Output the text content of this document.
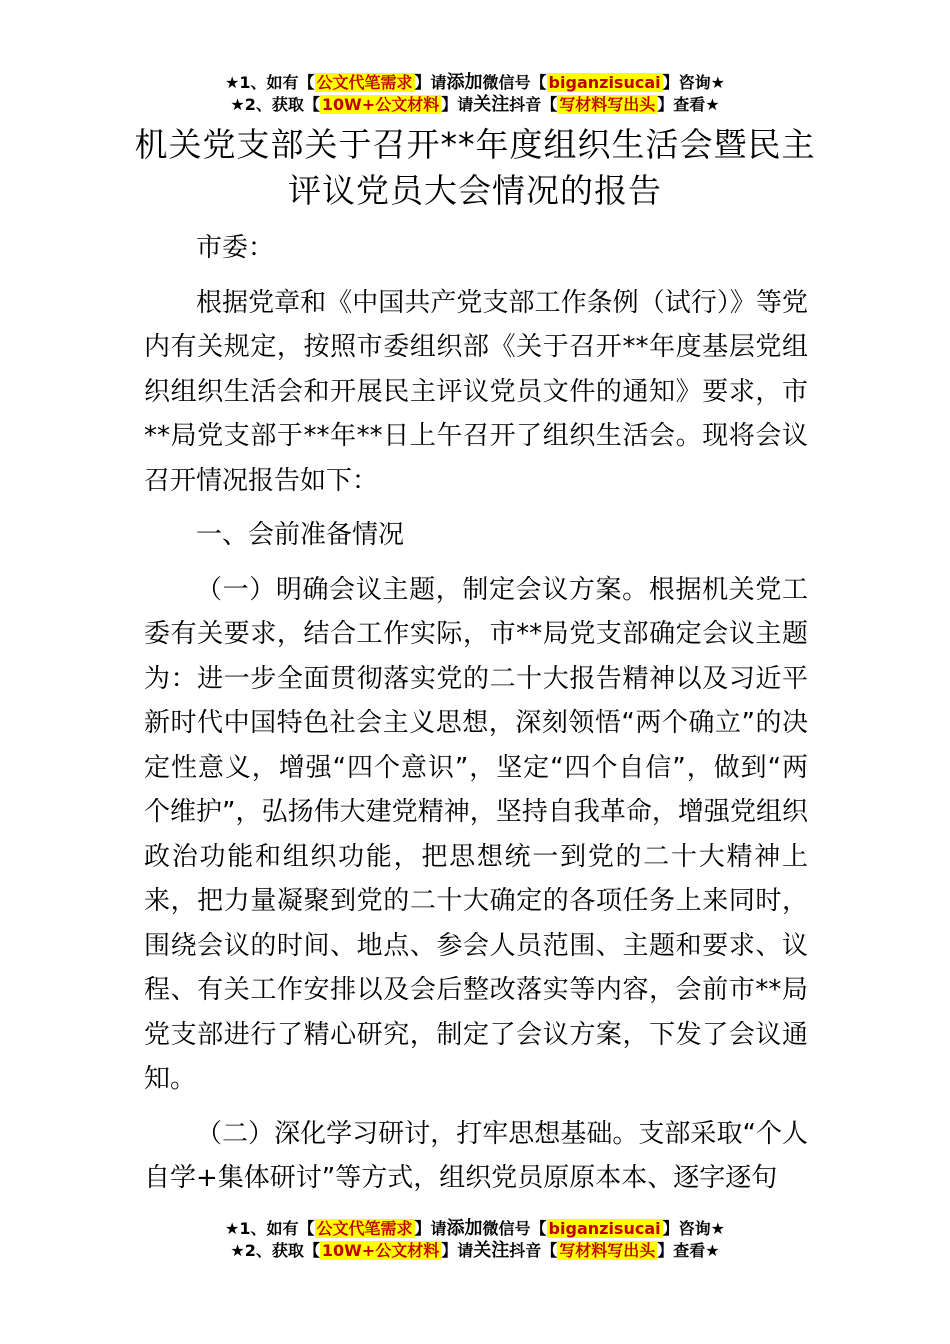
★1、如有【 公文代笔需求 】请添加微信号【 biganzisucai 】咨询★
★2、获取【 10W+公文材料 】请关注抖音【 写材料写出头 】查看★
机关党支部关于召开**年度组织生活会暨民主评议党员大会情况的报告

市委：

根据党章和《中国共产党支部工作条例（试行）》等党内有关规定，按照市委组织部《关于召开**年度基层党组织组织生活会和开展民主评议党员文件的通知》要求，市**局党支部于**年**日上午召开了组织生活会。现将会议召开情况报告如下：

一、会前准备情况

（一）明确会议主题，制定会议方案。根据机关党工委有关要求，结合工作实际，市**局党支部确定会议主题为：进一步全面贯彻落实党的二十大报告精神以及习近平新时代中国特色社会主义思想，深刻领悟“两个确立”的决定性意义，增强“四个意识”，坚定“四个自信”，做到“两个维护”，弘扬伟大建党精神，坚持自我革命，增强党组织政治功能和组织功能，把思想统一到党的二十大精神上来，把力量凝聚到党的二十大确定的各项任务上来同时，围绕会议的时间、地点、参会人员范围、主题和要求、议程、有关工作安排以及会后整改落实等内容，会前市**局党支部进行了精心研究，制定了会议方案，下发了会议通知。

（二）深化学习研讨，打牢思想基础。支部采取“个人自学+集体研讨”等方式，组织党员原原本本、逐字逐句

★1、如有【 公文代笔需求 】请添加微信号【 biganzisucai 】咨询★
★2、获取【 10W+公文材料 】请关注抖音【 写材料写出头 】查看★
